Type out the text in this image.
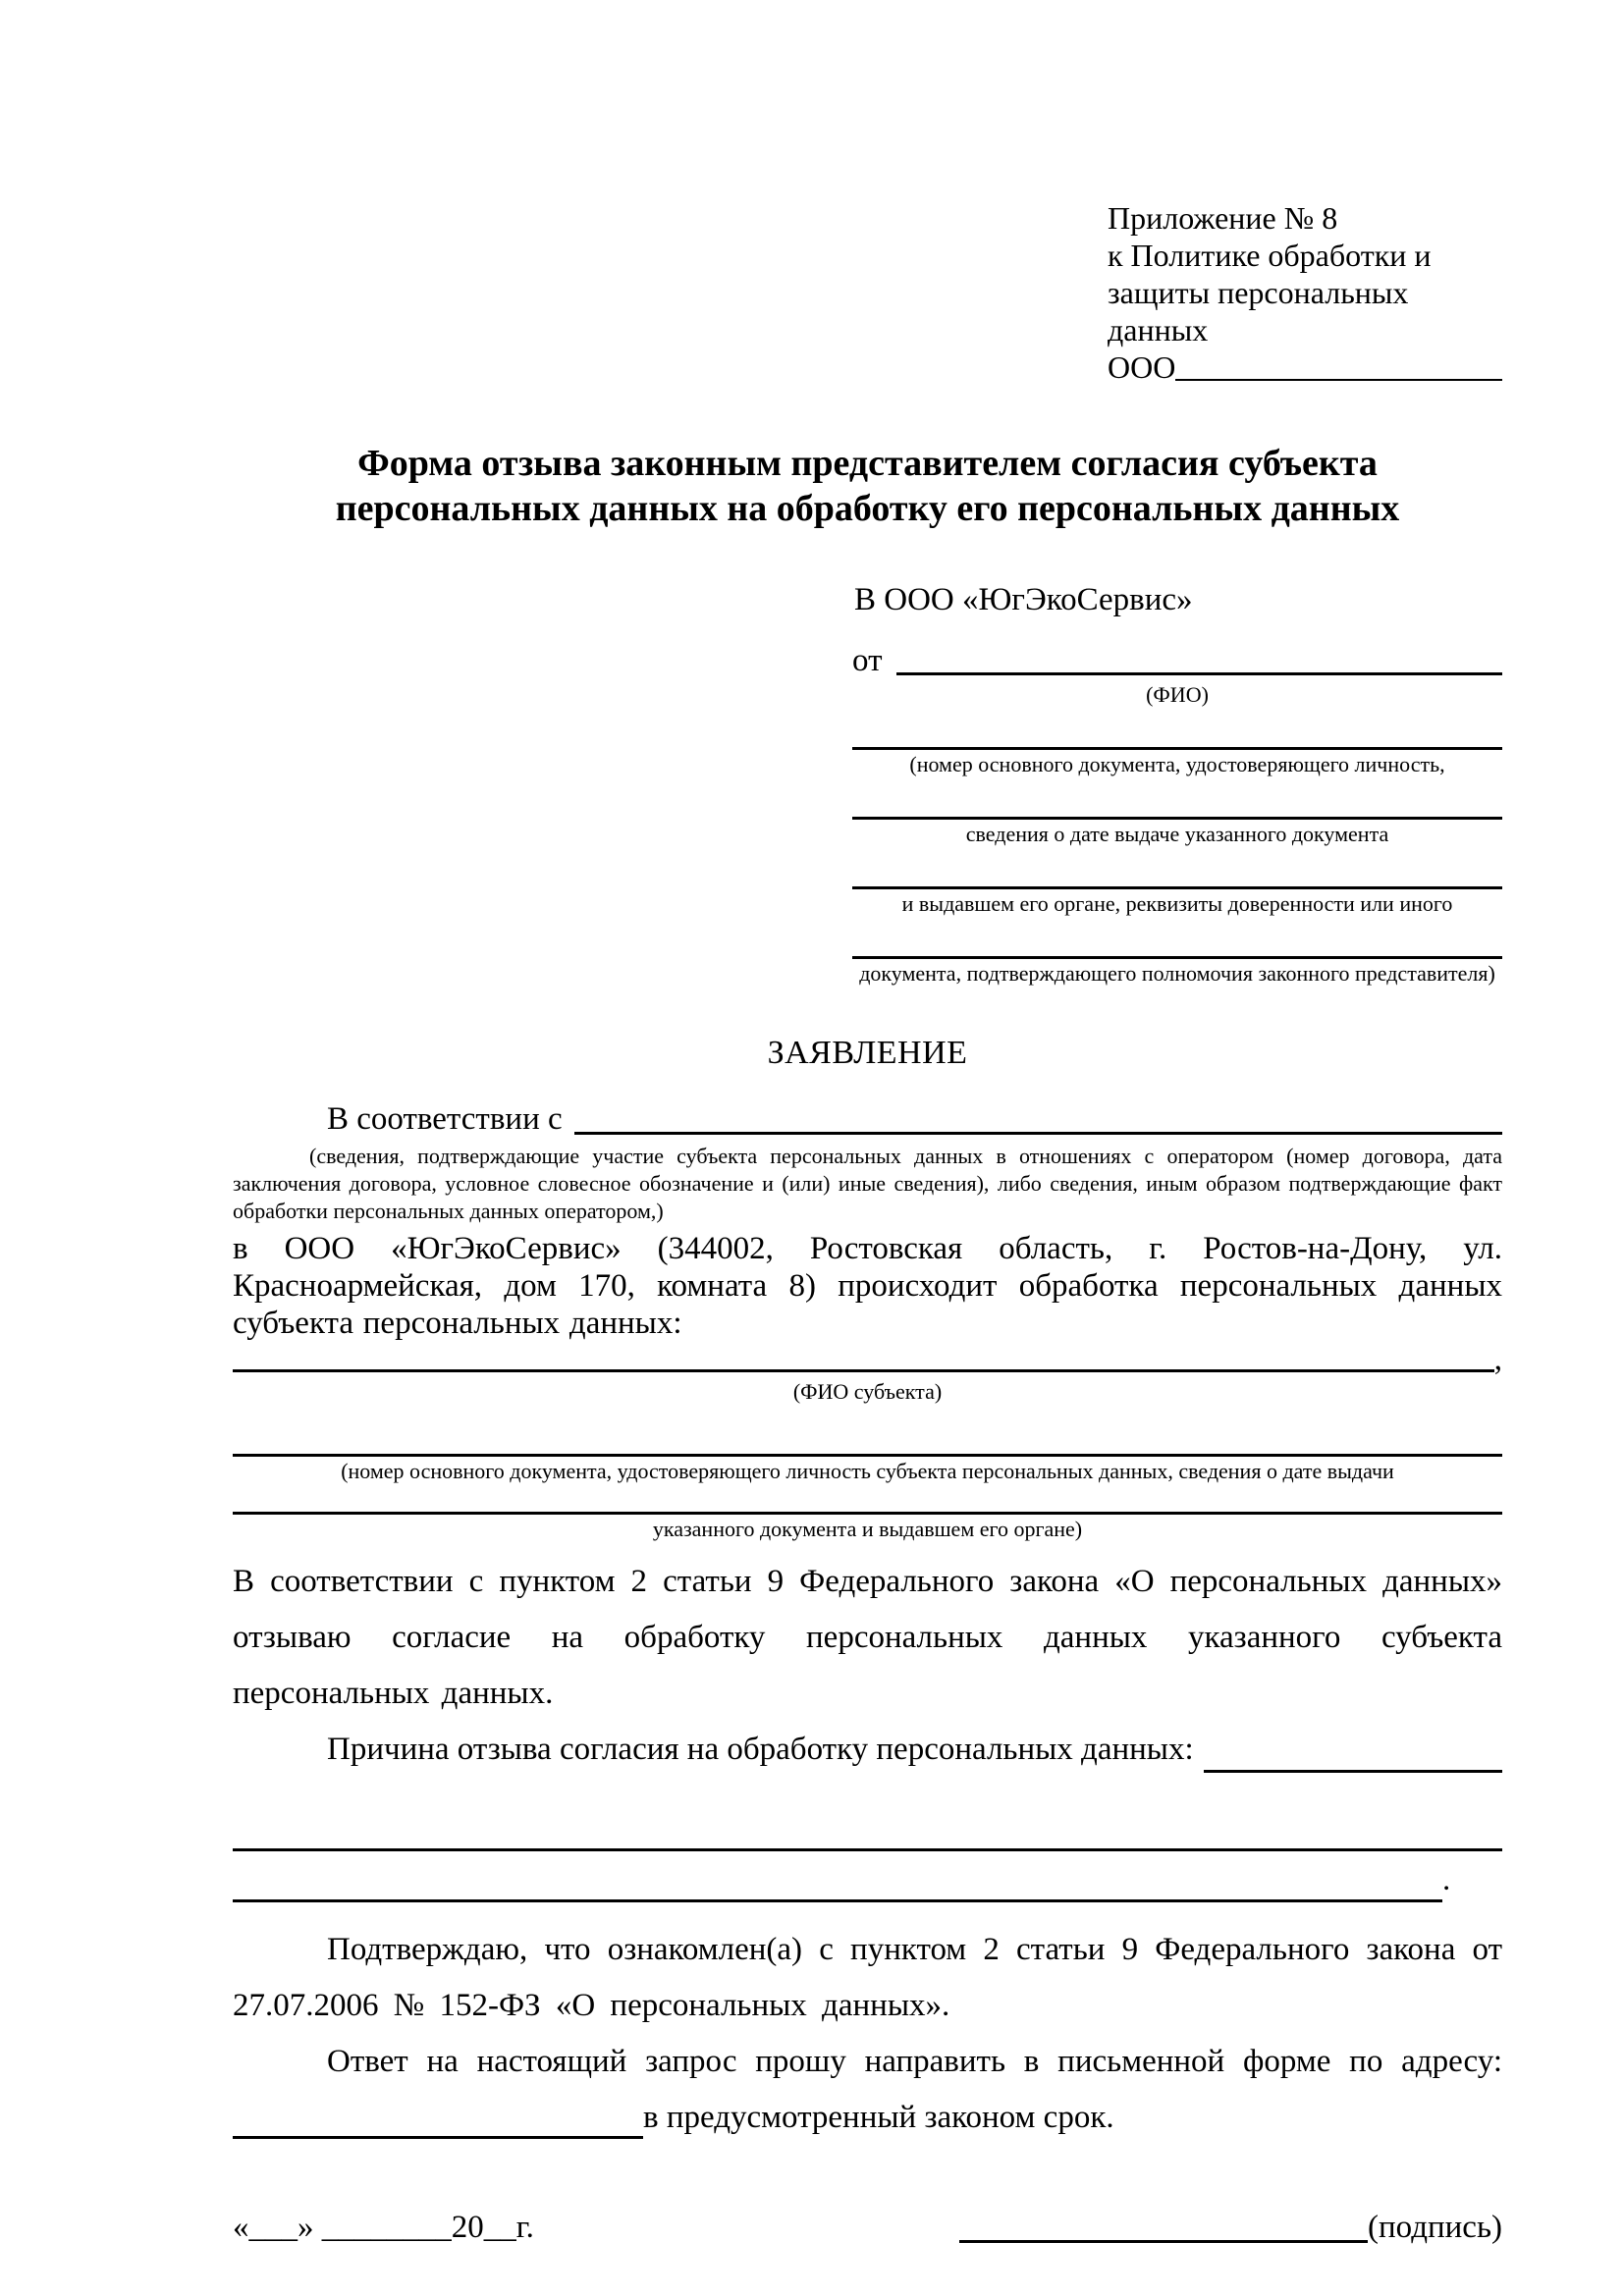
Приложение № 8
к Политике обработки и
защиты персональных данных
ООО
Форма отзыва законным представителем согласия субъекта
персональных данных на обработку его персональных данных
В ООО «ЮгЭкоСервис»
от
(ФИО)
(номер основного документа, удостоверяющего личность,
сведения о дате выдаче указанного документа
и выдавшем его органе, реквизиты доверенности или иного
документа, подтверждающего полномочия законного представителя)
ЗАЯВЛЕНИЕ
В соответствии с
(сведения, подтверждающие участие субъекта персональных данных в отношениях с оператором (номер договора, дата заключения договора, условное словесное обозначение и (или) иные сведения), либо сведения, иным образом подтверждающие факт обработки персональных данных оператором,)
в ООО «ЮгЭкоСервис» (344002, Ростовская область, г. Ростов-на-Дону, ул. Красноармейская, дом 170, комната 8) происходит обработка персональных данных субъекта персональных данных:
,
(ФИО субъекта)
(номер основного документа, удостоверяющего личность субъекта персональных данных, сведения о дате выдачи
указанного документа и выдавшем его органе)
В соответствии с пунктом 2 статьи 9 Федерального закона «О персональных данных» отзываю согласие на обработку персональных данных указанного субъекта персональных данных.
Причина отзыва согласия на обработку персональных данных:
.
Подтверждаю, что ознакомлен(а) с пунктом 2 статьи 9 Федерального закона от 27.07.2006 № 152-ФЗ «О персональных данных».
Ответ на настоящий запрос прошу направить в письменной форме по адресу:
в предусмотренный законом срок.
«___» ________20__г.	(подпись)
